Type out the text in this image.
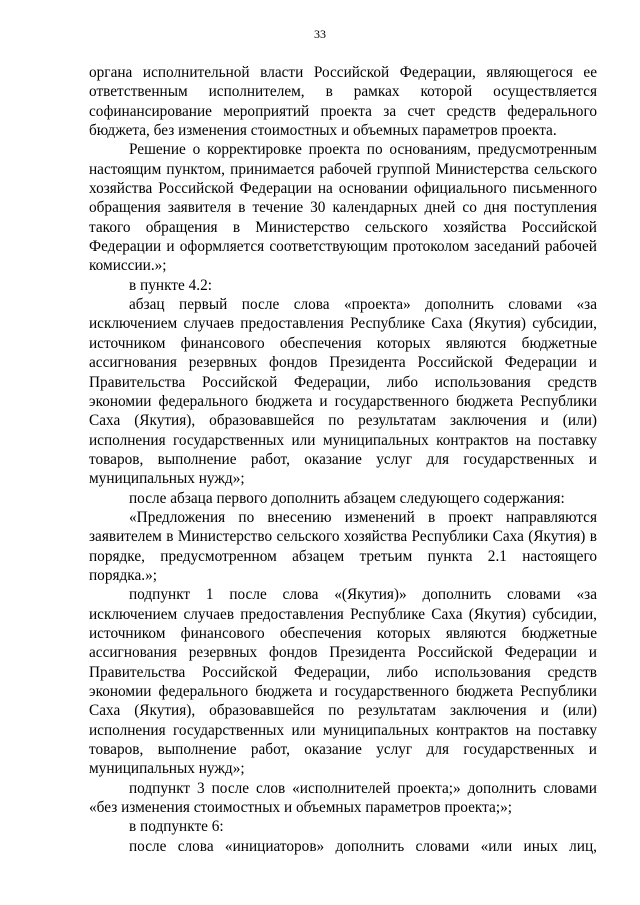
33

органа исполнительной власти Российской Федерации, являющегося ее ответственным исполнителем, в рамках которой осуществляется софинансирование мероприятий проекта за счет средств федерального бюджета, без изменения стоимостных и объемных параметров проекта.

Решение о корректировке проекта по основаниям, предусмотренным настоящим пунктом, принимается рабочей группой Министерства сельского хозяйства Российской Федерации на основании официального письменного обращения заявителя в течение 30 календарных дней со дня поступления такого обращения в Министерство сельского хозяйства Российской Федерации и оформляется соответствующим протоколом заседаний рабочей комиссии.»;

в пункте 4.2:

абзац первый после слова «проекта» дополнить словами «за исключением случаев предоставления Республике Саха (Якутия) субсидии, источником финансового обеспечения которых являются бюджетные ассигнования резервных фондов Президента Российской Федерации и Правительства Российской Федерации, либо использования средств экономии федерального бюджета и государственного бюджета Республики Саха (Якутия), образовавшейся по результатам заключения и (или) исполнения государственных или муниципальных контрактов на поставку товаров, выполнение работ, оказание услуг для государственных и муниципальных нужд»;

после абзаца первого дополнить абзацем следующего содержания:

«Предложения по внесению изменений в проект направляются заявителем в Министерство сельского хозяйства Республики Саха (Якутия) в порядке, предусмотренном абзацем третьим пункта 2.1 настоящего порядка.»;

подпункт 1 после слова «(Якутия)» дополнить словами «за исключением случаев предоставления Республике Саха (Якутия) субсидии, источником финансового обеспечения которых являются бюджетные ассигнования резервных фондов Президента Российской Федерации и Правительства Российской Федерации, либо использования средств экономии федерального бюджета и государственного бюджета Республики Саха (Якутия), образовавшейся по результатам заключения и (или) исполнения государственных или муниципальных контрактов на поставку товаров, выполнение работ, оказание услуг для государственных и муниципальных нужд»;

подпункт 3 после слов «исполнителей проекта;» дополнить словами «без изменения стоимостных и объемных параметров проекта;»;

в подпункте 6:

после слова «инициаторов» дополнить словами «или иных лиц,
